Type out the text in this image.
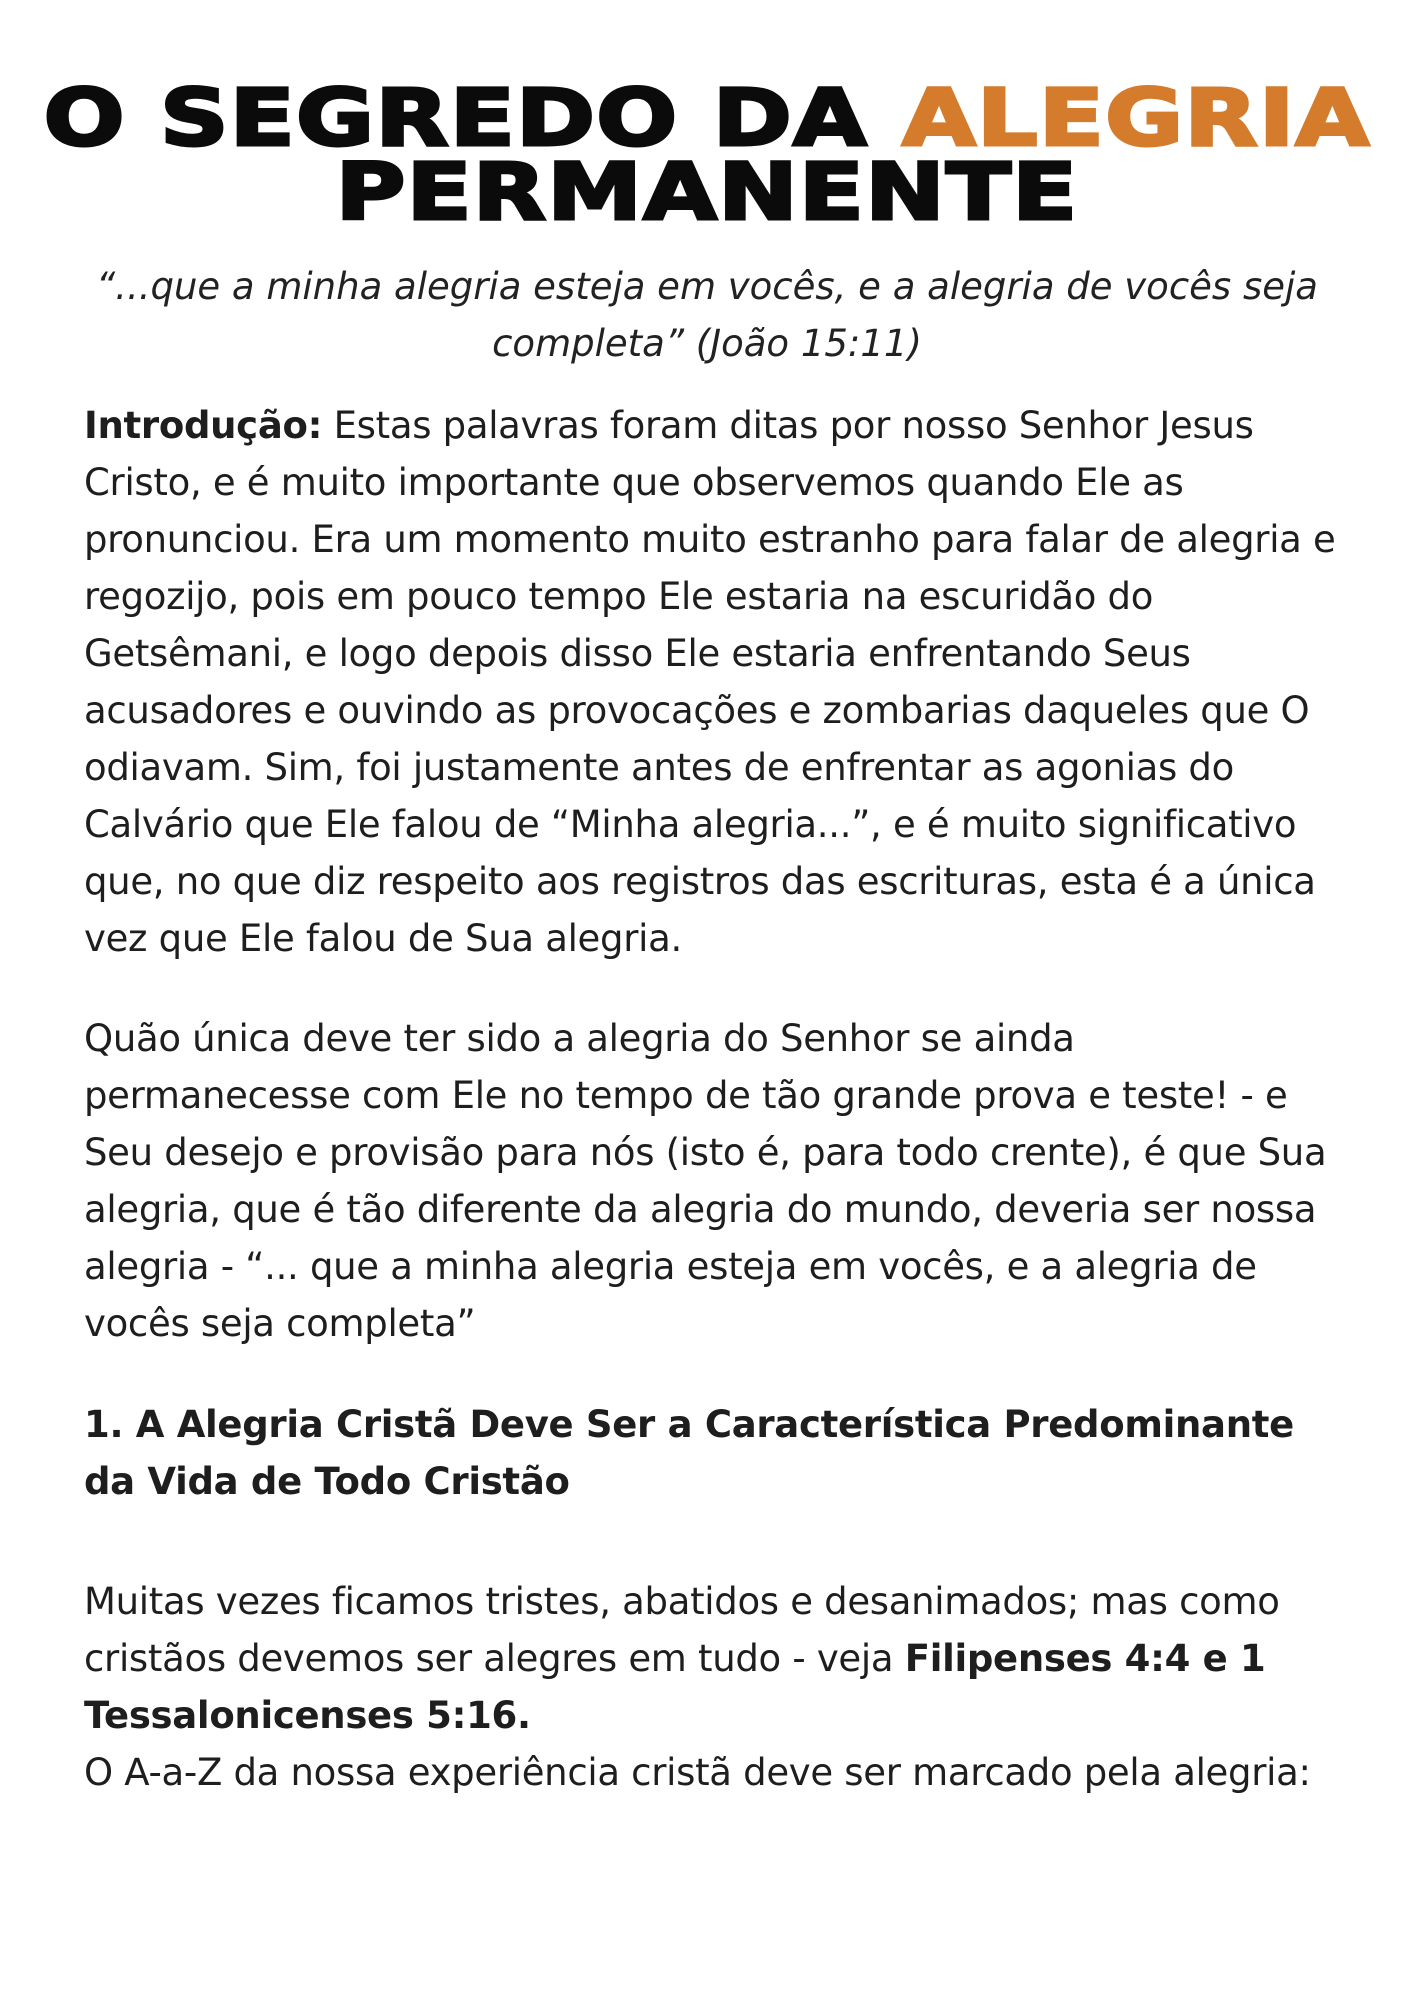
O SEGREDO DA ALEGRIA
PERMANENTE
“...que a minha alegria esteja em vocês, e a alegria de vocês seja completa” (João 15:11)
Introdução: Estas palavras foram ditas por nosso Senhor Jesus Cristo, e é muito importante que observemos quando Ele as pronunciou. Era um momento muito estranho para falar de alegria e regozijo, pois em pouco tempo Ele estaria na escuridão do Getsêmani, e logo depois disso Ele estaria enfrentando Seus acusadores e ouvindo as provocações e zombarias daqueles que O odiavam. Sim, foi justamente antes de enfrentar as agonias do Calvário que Ele falou de “Minha alegria...”, e é muito significativo que, no que diz respeito aos registros das escrituras, esta é a única vez que Ele falou de Sua alegria.
Quão única deve ter sido a alegria do Senhor se ainda permanecesse com Ele no tempo de tão grande prova e teste! - e Seu desejo e provisão para nós (isto é, para todo crente), é que Sua alegria, que é tão diferente da alegria do mundo, deveria ser nossa alegria - “... que a minha alegria esteja em vocês, e a alegria de vocês seja completa”
1. A Alegria Cristã Deve Ser a Característica Predominante da Vida de Todo Cristão
Muitas vezes ficamos tristes, abatidos e desanimados; mas como cristãos devemos ser alegres em tudo - veja Filipenses 4:4 e 1 Tessalonicenses 5:16.
O A-a-Z da nossa experiência cristã deve ser marcado pela alegria:
